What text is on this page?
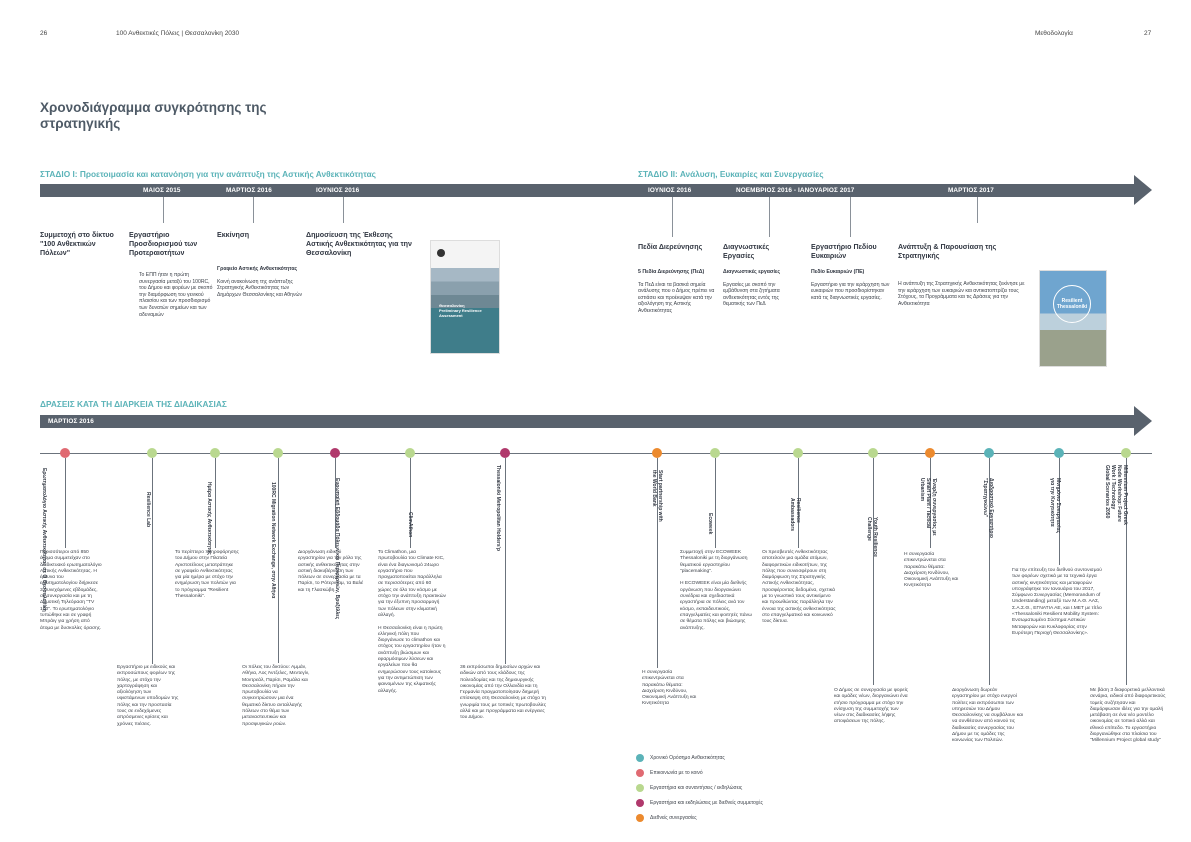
26	100 Ανθεκτικές Πόλεις | Θεσσαλονίκη 2030	Μεθοδολογία	27
Χρονοδιάγραμμα συγκρότησης της
στρατηγικής
ΣΤΑΔΙΟ Ι: Προετοιμασία και κατανόηση για την ανάπτυξη της Αστικής Ανθεκτικότητας	ΣΤΑΔΙΟ ΙΙ: Ανάλυση, Ευκαιρίες και Συνεργασίες
ΜΑΙΟΣ 2015	ΜΑΡΤΙΟΣ 2016	ΙΟΥΝΙΟΣ 2016	ΙΟΥΝΙΟΣ 2016	ΝΟΕΜΒΡΙΟΣ 2016 - ΙΑΝΟΥΑΡΙΟΣ 2017	ΜΑΡΤΙΟΣ 2017
Συμμετοχή στο δίκτυο "100 Ανθεκτικών Πόλεων"
Εργαστήριο Προσδιορισμού των Προτεραιοτήτων
Το ΕΠΠ ήταν η πρώτη συνεργασία μεταξύ του 100RC, του Δήμου και φορέων με σκοπό την διαμόρφωση του γενικού πλαισίου και των προσδιορισμό των δυνατών σημείων και των αδυναμιών
Εκκίνηση
Γραφείο Αστικής Ανθεκτικότητας
Κοινή ανακοίνωση της ανάπτυξης Στρατηγικής Ανθεκτικότητας των Δημάρχων Θεσσαλονίκης και Αθηνών
Δημοσίευση της Έκθεσης Αστικής Ανθεκτικότητας για την Θεσσαλονίκη
Θεσσαλονίκη Preliminary Resilience Assessment
Πεδία Διερεύνησης
5 Πεδία Διερεύνησης (ΠεΔ)
Τα ΠεΔ είναι τα βασικά σημεία ανάλυσης που ο Δήμος πρέπει να εστιάσει και προέκυψαν κατά την αξιολόγηση της Αστικής Ανθεκτικότητας
Διαγνωστικές Εργασίες
Διαγνωστικές εργασίες
Εργασίες με σκοπό την εμβάθυνση στα ζητήματα ανθεκτικότητας εντός της θεματικής των ΠεΔ
Εργαστήριο Πεδίου Ευκαιριών
Πεδίο Ευκαιριών (ΠΕ)
Εργαστήριο για την ιεράρχηση των ευκαιριών που προσδιορίστηκαν κατά τις διαγνωστικές εργασίες.
Ανάπτυξη & Παρουσίαση της Στρατηγικής
Η ανάπτυξη της Στρατηγικής Ανθεκτικότητας ξεκίνησε με την ιεράρχηση των ευκαιριών και αντικατοπτρίζει τους Στόχους, τα Προγράμματα και τις Δράσεις για την Ανθεκτικότητα	Resilient Thessaloniki
ΔΡΑΣΕΙΣ ΚΑΤΑ ΤΗ ΔΙΑΡΚΕΙΑ ΤΗΣ ΔΙΑΔΙΚΑΣΙΑΣ
ΜΑΡΤΙΟΣ 2016
Ερωτηματολόγιο Αστικής Ανθεκτικότητας σε Ο Θεσσαλονίκη	Resilience Lab	Ημέρα Αστικής Ανθεκτικότητας	100RC Migration Network Exchange, στην Αθήνα	Ευρωπαϊκή Εβδομάδα Πόλεων και Περιφερειών, Βρυξέλλες	ClimAthon	Thessaloniki Metropolitan Holders'p	Start partnership with
the World Bank
Ecoweek
Resilience
Ambassadors	Youth Resilience
Challenge
Έναρξη συνεργασίας με
Smart Plant / Tactical
Urbanism	Διαδραστικό Εργαστήριο
"Στρατηγικώνω"	Μνημόνιο Συνεργασίας
για την Κινητικότητα
Millennium Project Greek
Node Workshop: Future
Work / Technology
Global Scenarios 2050
Περισσότεροι από 850 άτομα συμμετείχαν στο διαδικτυακό ερωτηματολόγιο Αστικής Ανθεκτικότητας. Η έρευνα του ερωτηματολογίου διήρκεσε 3 συνεχόμενες εβδομάδες, σε συνεργασία και με τη Δημοτική Τηλεόραση "TV 100". Το ερωτηματολόγιο τυπώθηκε και σε γραφή Μπράιγ για χρήση από άτομα με δυσκολίες όρασης.
Εργαστήριο με ειδικούς και εκπροσώπους φορέων της πόλης, με στόχο την χαρτογράφηση και αξιολόγηση των υφιστάμενων υποδομών της πόλης και την προστασία τους σε ενδεχόμενες απρόσμενες κρίσεις και χρόνιες πιέσεις.
Το περίπτερο πληροφόρησης του Δήμου στην Πλατεία Αριστοτέλους μετατράπηκε σε γραφείο Ανθεκτικότητας για μία ημέρα με στόχο την ενημέρωση των πολιτών για το πρόγραμμα "Resilient Thessaloniki".
Οι πόλεις του δικτύου: Αμμάν, Αθήνα, Λος Άντζελες, Μεντεγίν, Μοντρεάλ, Παρίσι, Ραμάλα και Θεσσαλονίκη πήραν την πρωτοβουλία να συγκεντρώσουν μια ένα θεματικό δίκτυο ανταλλαγής πόλεων στο θέμα των μεταναστευτικών και προσφυγικών ροών.
Διοργάνωση ειδικού εργαστηρίου για τον ρόλο της αστικής ανθεκτικότητας στην αστική διακυβέρνηση των πόλεων σε συνεργασία με τα Παρίσι, το Ρότερνταμ, τα Βαλέ και τη Γλασκώβη.
Το Climathon, μια πρωτοβουλία του Climate KIC, είναι ένα διαγωνισμό 24ωρο εργαστήριο που πραγματοποιείται παράλληλα σε περισσότερες από 60 χώρες σε όλο τον κόσμο με στόχο την ανάπτυξη πρακτικών για την έξυπνη προσαρμογή των πόλεων στην κλιματική αλλαγή.

Η Θεσσαλονίκη είναι η πρώτη ελληνική πόλη που διοργάνωσε το climathon και στόχος του εργαστηρίου ήταν η ανάπτυξη βιώσιμων και εφαρμόσιμων λύσεων και εργαλείων που θα ενημερώσουν τους κατοίκους για την αντιμετώπιση των φαινομένων της κλιματικής αλλαγής.
36 εκπρόσωποι δημοσίων αρχών και ειδικών από τους κλάδους της πολεοδομίας και της δημιουργικής οικονομίας από την Ολλανδία και τη Γερμανία πραγματοποίησαν διημερή επίσκεψη στη Θεσσαλονίκη με στόχο τη γνωριμία τους με τοπικές πρωτοβουλίες αλλά και με προγράμματα και ενέργειες του Δήμου.
Η συνεργασία επικεντρώνεται στα παρακάτω θέματα: Διαχείριση Κινδύνου, Οικονομική Ανάπτυξη και Κινητικότητα
Συμμετοχή στην ECOWEEK Thessaloniki με τη διοργάνωση θεματικού εργαστηρίου "placemaking".

Η ECOWEEK είναι μία διεθνής οργάνωση που διοργανώνει συνέδρια και σχεδιαστικά εργαστήρια σε πόλεις ανά τον κόσμο, εκπαιδευτικούς, επαγγελματίες και φοιτητές πάνω σε θέματα πόλης και βιώσιμης ανάπτυξης.
Οι πρεσβευτές Ανθεκτικότητας αποτελούν μια ομάδα ατόμων, διαφορετικών ειδικοτήτων, της πόλης που συνεισφέρουν στη διαμόρφωση της Στρατηγικής Αστικής Ανθεκτικότητας, προσφέροντας δεδομένα, σχετικά με το γνωστικό τους αντικείμενο και προωθώντας παράλληλα την έννοια της αστικής ανθεκτικότητας στο επαγγελματικό και κοινωνικό τους δίκτυα.
Ο Δήμος σε συνεργασία με φορείς και ομάδες νέων, διοργανώνει ένα ετήσιο πρόγραμμα με στόχο την ενίσχυση της συμμετοχής των νέων στις διαδικασίες λήψης αποφάσεων της πόλης.
Η συνεργασία επικεντρώνεται στα παρακάτω θέματα: Διαχείριση Κινδύνου, Οικονομική Ανάπτυξη και Κινητικότητα
Διοργάνωση δωρεάν εργαστηρίου με στόχο ενεργοί πολίτες και εκπρόσωποι των υπηρεσιών του Δήμου Θεσσαλονίκης να συμβάλουν και να συνθέσουν από κοινού τις διαδικασίες συνεργασίας του Δήμου με τις ομάδες της κοινωνίας των Πολιτών.
Για την επίτευξη του διεθνού συντονισμού των φορέων σχετικά με τα τεχνικά έργα αστικής κινητικότητας και μεταφορών υπογράφτηκε τον Ιανουάριο του 2017, Σύμφωνο Συνεργασίας (Memorandum of Understanding) μεταξύ των Μ.Α.Θ. ΑΑΣ, Σ.Α.Σ.Θ., ΕΓΝΑΤΙΑ ΑΕ, και Ι.ΜΕΤ με τίτλο «Thessaloniki Resilient Mobility System: Ενσωματωμένο Σύστημα Αστικών Μεταφορών και Κυκλοφορίας στην Ευρύτερη Περιοχή Θεσσαλονίκης».
Με βάση 3 διαφορετικά μελλοντικά σενάρια, ειδικοί από διαφορετικούς τομείς συζήτησαν και διαμόρφωσαν ιδέες για την ομαλή μετάβαση σε ένα νέο μοντέλο οικονομίας σε τοπικό αλλά και εθνικό επίπεδο. Το εργαστήριο διοργανώθηκε στα πλαίσια του "Millennium Project global study"
Χρονικό Ορόσημο Ανθεκτικότητας
Επικοινωνία με το κοινό
Εργαστήρια και συναντήσεις / εκδηλώσεις
Εργαστήρια και εκδηλώσεις με διεθνείς συμμετοχές
Διεθνείς συνεργασίες
